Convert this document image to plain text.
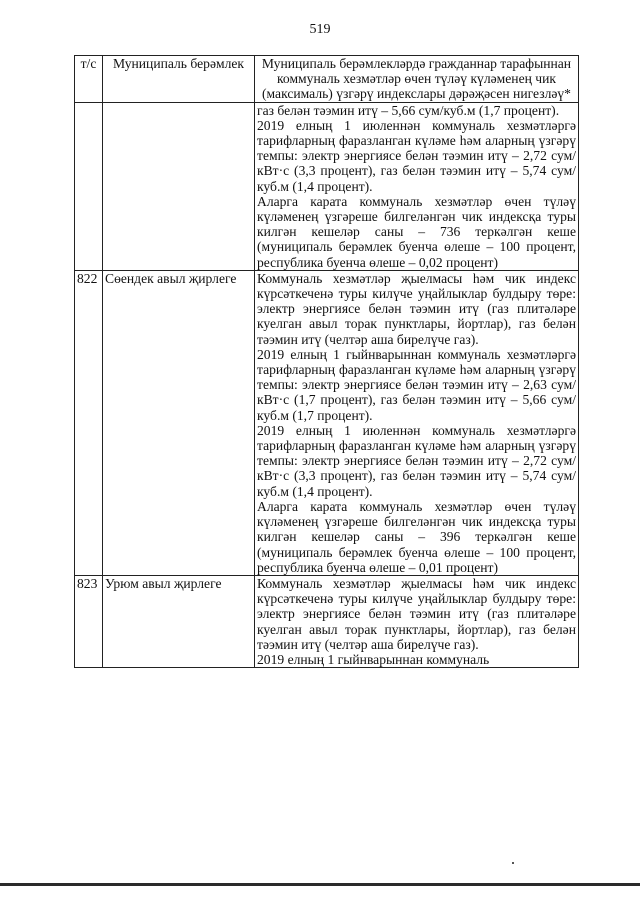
519
т/с	Муниципаль берәмлек	Муниципаль берәмлекләрдә гражданнар тарафыннан коммуналь хезмәтләр өчен түләү күләменең чик (максималь) үзгәрү индекслары дәрәҗәсен нигезләү*

		газ белән тәэмин итү – 5,66 сум/куб.м (1,7 процент).

2019 елның 1 июленнән коммуналь хезмәтләргә тарифларның фаразланган күләме һәм аларның үзгәрү темпы: электр энергиясе белән тәэмин итү – 2,72 сум/кВт·с (3,3 процент), газ белән тәэмин итү – 5,74 сум/куб.м (1,4 процент).

Аларга карата коммуналь хезмәтләр өчен түләү күләменең үзгәреше билгеләнгән чик индексқа туры килгән кешеләр саны – 736 теркәлгән кеше (муниципаль берәмлек буенча өлеше – 100 процент, республика буенча өлеше – 0,02 процент)

822	Сөендек авыл җирлеге	Коммуналь хезмәтләр җыелмасы һәм чик индекс күрсәткеченә туры килүче уңайлыклар булдыру төре: электр энергиясе белән тәэмин итү (газ плитәләре куелган авыл торак пунктлары, йортлар), газ белән тәэмин итү (челтәр аша бирелүче газ).

2019 елның 1 гыйнварыннан коммуналь хезмәтләргә тарифларның фаразланган күләме һәм аларның үзгәрү темпы: электр энергиясе белән тәэмин итү – 2,63 сум/кВт·с (1,7 процент), газ белән тәэмин итү – 5,66 сум/куб.м (1,7 процент).

2019 елның 1 июленнән коммуналь хезмәтләргә тарифларның фаразланган күләме һәм аларның үзгәрү темпы: электр энергиясе белән тәэмин итү – 2,72 сум/кВт·с (3,3 процент), газ белән тәэмин итү – 5,74 сум/куб.м (1,4 процент).

Аларга карата коммуналь хезмәтләр өчен түләү күләменең үзгәреше билгеләнгән чик индексқа туры килгән кешеләр саны – 396 теркәлгән кеше (муниципаль берәмлек буенча өлеше – 100 процент, республика буенча өлеше – 0,01 процент)

823	Урюм авыл җирлеге	Коммуналь хезмәтләр җыелмасы һәм чик индекс күрсәткеченә туры килүче уңайлыклар булдыру төре: электр энергиясе белән тәэмин итү (газ плитәләре куелган авыл торак пунктлары, йортлар), газ белән тәэмин итү (челтәр аша бирелүче газ).

2019 елның 1 гыйнварыннан коммуналь
